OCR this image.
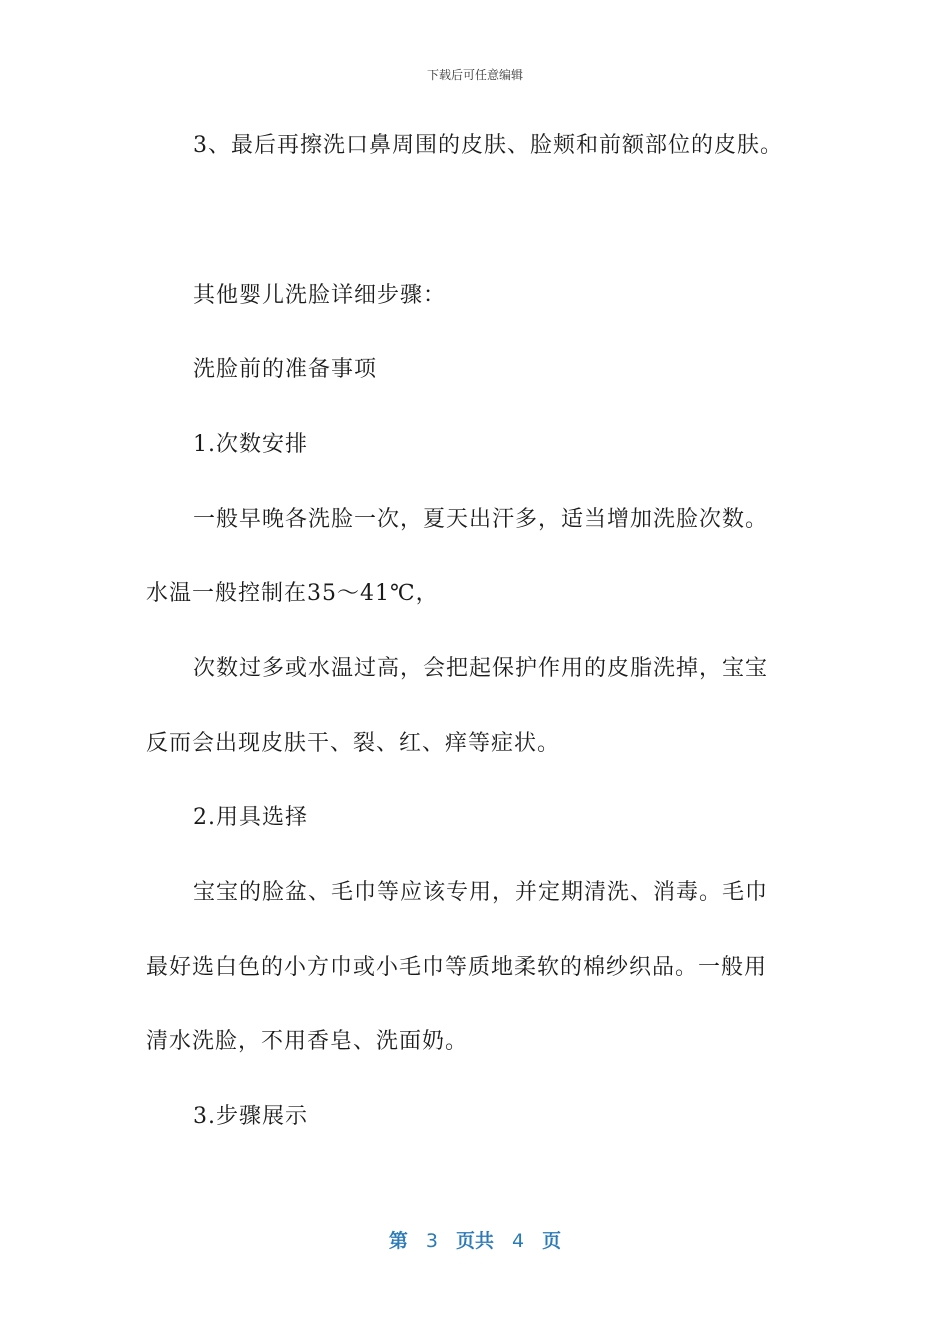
下载后可任意编辑
3、最后再擦洗口鼻周围的皮肤、脸颊和前额部位的皮肤。
其他婴儿洗脸详细步骤：
洗脸前的准备事项
1.次数安排
一般早晚各洗脸一次，夏天出汗多，适当增加洗脸次数。
水温一般控制在35～41℃，
次数过多或水温过高，会把起保护作用的皮脂洗掉，宝宝
反而会出现皮肤干、裂、红、痒等症状。
2.用具选择
宝宝的脸盆、毛巾等应该专用，并定期清洗、消毒。毛巾
最好选白色的小方巾或小毛巾等质地柔软的棉纱织品。一般用
清水洗脸，不用香皂、洗面奶。
3.步骤展示
第 3 页共 4 页
